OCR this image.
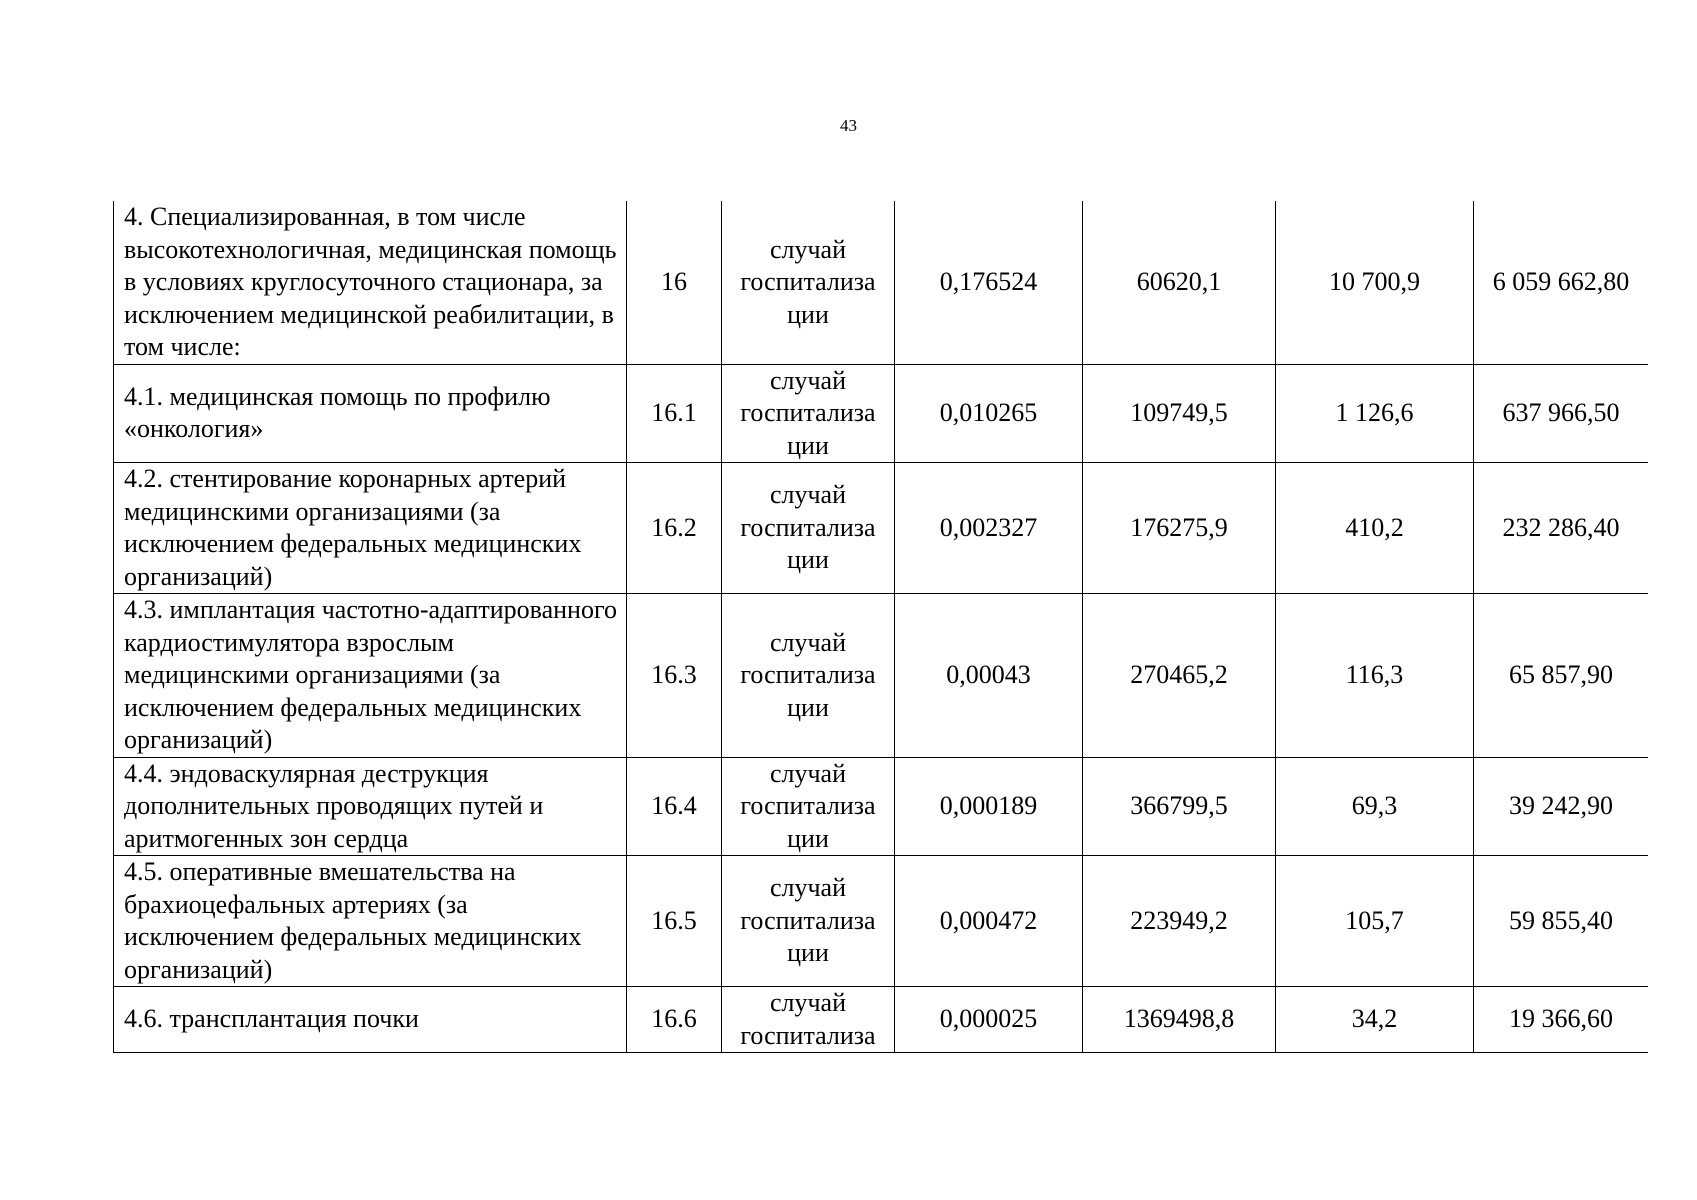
43
4. Специализированная, в том числе высокотехнологичная, медицинская помощь в условиях круглосуточного стационара, за исключением медицинской реабилитации, в том числе:	16	случай
госпитализа
ции	0,176524	60620,1	10 700,9	6 059 662,80
4.1. медицинская помощь по профилю «онкология»	16.1	случай
госпитализа
ции	0,010265	109749,5	1 126,6	637 966,50
4.2. стентирование коронарных артерий медицинскими организациями (за исключением федеральных медицинских организаций)	16.2	случай
госпитализа
ции	0,002327	176275,9	410,2	232 286,40
4.3. имплантация частотно-адаптированного кардиостимулятора взрослым медицинскими организациями (за исключением федеральных медицинских организаций)	16.3	случай
госпитализа
ции	0,00043	270465,2	116,3	65 857,90
4.4. эндоваскулярная деструкция дополнительных проводящих путей и аритмогенных зон сердца	16.4	случай
госпитализа
ции	0,000189	366799,5	69,3	39 242,90
4.5. оперативные вмешательства на брахиоцефальных артериях (за исключением федеральных медицинских организаций)	16.5	случай
госпитализа
ции	0,000472	223949,2	105,7	59 855,40
4.6. трансплантация почки	16.6	случай
госпитализа	0,000025	1369498,8	34,2	19 366,60
